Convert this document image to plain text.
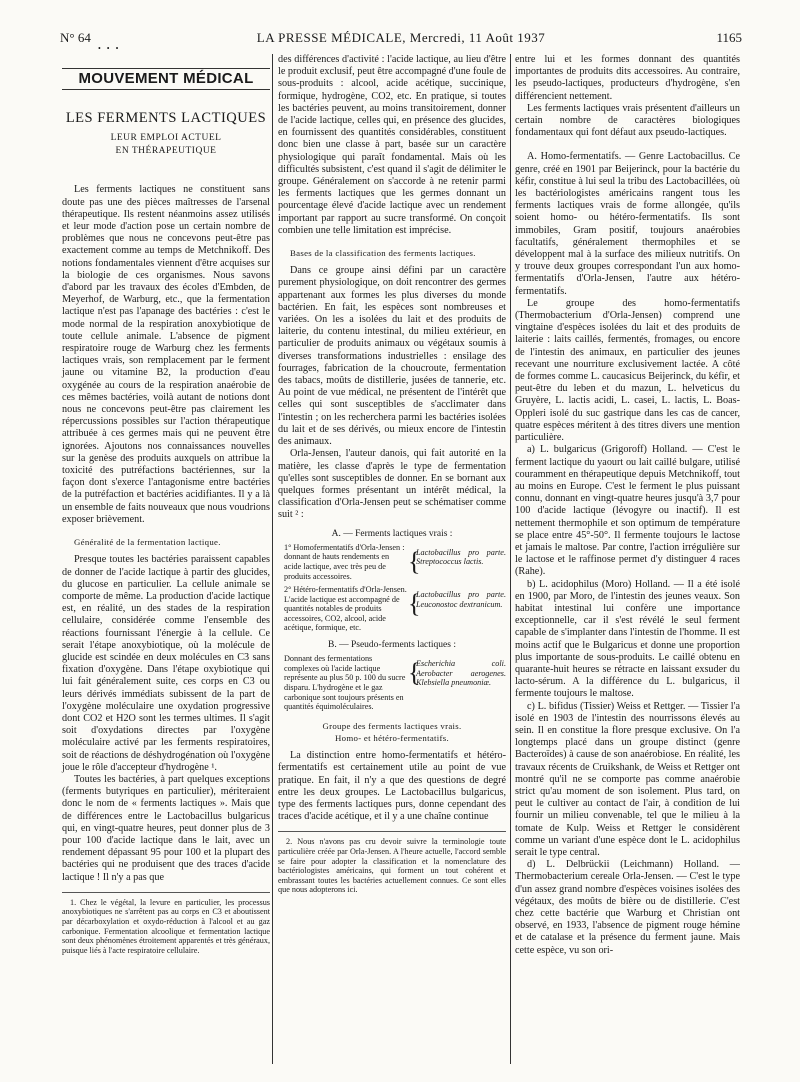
N° 64	LA PRESSE MÉDICALE, Mercredi, 11 Août 1937	1165
• • •
MOUVEMENT MÉDICAL
LES FERMENTS LACTIQUES
LEUR EMPLOI ACTUEL
EN THÉRAPEUTIQUE

Les ferments lactiques ne constituent sans doute pas une des pièces maîtresses de l'arsenal thérapeutique. Ils restent néanmoins assez utilisés et leur mode d'action pose un certain nombre de problèmes que nous ne concevons peut-être pas exactement comme au temps de Metchnikoff. Des notions fondamentales viennent d'être acquises sur la biologie de ces organismes. Nous savons d'abord par les travaux des écoles d'Embden, de Meyerhof, de Warburg, etc., que la fermentation lactique n'est pas l'apanage des bactéries : c'est le mode normal de la respiration anoxybiotique de toute cellule animale. L'absence de pigment respiratoire rouge de Warburg chez les ferments lactiques vrais, son remplacement par le ferment jaune ou vitamine B2, la production d'eau oxygénée au cours de la respiration anaérobie de ces mêmes bactéries, voilà autant de notions dont nous ne concevons peut-être pas clairement les répercussions possibles sur l'action thérapeutique attribuée à ces germes mais qui ne peuvent être ignorées. Ajoutons nos connaissances nouvelles sur la genèse des produits auxquels on attribue la toxicité des putréfactions bactériennes, sur la façon dont s'exerce l'antagonisme entre bactéries de la putréfaction et bactéries acidifiantes. Il y a là un ensemble de faits nouveaux que nous voudrions exposer brièvement.

Généralité de la fermentation lactique.

Presque toutes les bactéries paraissent capables de donner de l'acide lactique à partir des glucides, du glucose en particulier. La cellule animale se comporte de même. La production d'acide lactique est, en réalité, un des stades de la respiration cellulaire, considérée comme l'ensemble des réactions fournissant l'énergie à la cellule. Ce serait l'étape anoxybiotique, où la molécule de glucide est scindée en deux molécules en C3 sans fixation d'oxygène. Dans l'étape oxybiotique qui lui fait généralement suite, ces corps en C3 ou leurs dérivés immédiats subissent de la part de l'oxygène moléculaire une oxydation progressive dont CO2 et H2O sont les termes ultimes. Il s'agit soit d'oxydations directes par l'oxygène moléculaire activé par les ferments respiratoires, soit de réactions de déshydrogénation où l'oxygène joue le rôle d'accepteur d'hydrogène ¹.

Toutes les bactéries, à part quelques exceptions (ferments butyriques en particulier), mériteraient donc le nom de « ferments lactiques ». Mais que de différences entre le Lactobacillus bulgaricus qui, en vingt-quatre heures, peut donner plus de 3 pour 100 d'acide lactique dans le lait, avec un rendement dépassant 95 pour 100 et la plupart des bactéries qui ne produisent que des traces d'acide lactique ! Il n'y a pas que

1. Chez le végétal, la levure en particulier, les processus anoxybiotiques ne s'arrêtent pas au corps en C3 et aboutissent par décarboxylation et oxydo-réduction à l'alcool et au gaz carbonique. Fermentation alcoolique et fermentation lactique sont deux phénomènes étroitement apparentés et très généraux, puisque liés à l'acte respiratoire cellulaire.

des différences d'activité : l'acide lactique, au lieu d'être le produit exclusif, peut être accompagné d'une foule de sous-produits : alcool, acide acétique, succinique, formique, hydrogène, CO2, etc. En pratique, si toutes les bactéries peuvent, au moins transitoirement, donner de l'acide lactique, celles qui, en présence des glucides, en fournissent des quantités considérables, constituent donc bien une classe à part, basée sur un caractère physiologique qui paraît fondamental. Mais où les difficultés subsistent, c'est quand il s'agit de délimiter le groupe. Généralement on s'accorde à ne retenir parmi les ferments lactiques que les germes donnant un pourcentage élevé d'acide lactique avec un rendement important par rapport au sucre transformé. On conçoit combien une telle limitation est imprécise.

Bases de la classification des ferments lactiques.

Dans ce groupe ainsi défini par un caractère purement physiologique, on doit rencontrer des germes appartenant aux formes les plus diverses du monde bactérien. En fait, les espèces sont nombreuses et variées. On les a isolées du lait et des produits de laiterie, du contenu intestinal, du milieu extérieur, en particulier de produits animaux ou végétaux soumis à diverses transformations industrielles : ensilage des fourrages, fabrication de la choucroute, fermentation des tabacs, moûts de distillerie, jusées de tannerie, etc. Au point de vue médical, ne présentent de l'intérêt que celles qui sont susceptibles de s'acclimater dans l'intestin ; on les recherchera parmi les bactéries isolées du lait et de ses dérivés, ou mieux encore de l'intestin des animaux.

Orla-Jensen, l'auteur danois, qui fait autorité en la matière, les classe d'après le type de fermentation qu'elles sont susceptibles de donner. En se bornant aux quelques formes présentant un intérêt médical, la classification d'Orla-Jensen peut se schématiser comme suit ² :

A. — Ferments lactiques vrais :
1° Homofermentatifs d'Orla-Jensen : donnant de hauts rendements en acide lactique, avec très peu de produits accessoires.
{
Lactobacillus pro parte. Streptococcus lactis.
2° Hétéro-fermentatifs d'Orla-Jensen. L'acide lactique est accompagné de quantités notables de produits accessoires, CO2, alcool, acide acétique, formique, etc.
{
Lactobacillus pro parte. Leuconostoc dextranicum.
B. — Pseudo-ferments lactiques :
Donnant des fermentations complexes où l'acide lactique représente au plus 50 p. 100 du sucre disparu. L'hydrogène et le gaz carbonique sont toujours présents en quantités équimoléculaires.
{
Escherichia coli. Aerobacter aerogenes. Klebsiella pneumoniæ.
Groupe des ferments lactiques vrais.
Homo- et hétéro-fermentatifs.

La distinction entre homo-fermentatifs et hétéro-fermentatifs est certainement utile au point de vue pratique. En fait, il n'y a que des questions de degré entre les deux groupes. Le Lactobacillus bulgaricus, type des ferments lactiques purs, donne cependant des traces d'acide acétique, et il y a une chaîne continue

2. Nous n'avons pas cru devoir suivre la terminologie toute particulière créée par Orla-Jensen. A l'heure actuelle, l'accord semble se faire pour adopter la classification et la nomenclature des bactériologistes américains, qui forment un tout cohérent et embrassant toutes les bactéries actuellement connues. Ce sont elles que nous adopterons ici.

entre lui et les formes donnant des quantités importantes de produits dits accessoires. Au contraire, les pseudo-lactiques, producteurs d'hydrogène, s'en différencient nettement.

Les ferments lactiques vrais présentent d'ailleurs un certain nombre de caractères biologiques fondamentaux qui font défaut aux pseudo-lactiques.

A. Homo-fermentatifs. — Genre Lactobacillus. Ce genre, créé en 1901 par Beijerinck, pour la bactérie du kéfir, constitue à lui seul la tribu des Lactobacillées, où les bactériologistes américains rangent tous les ferments lactiques vrais de forme allongée, qu'ils soient homo- ou hétéro-fermentatifs. Ils sont immobiles, Gram positif, toujours anaérobies facultatifs, généralement thermophiles et se développent mal à la surface des milieux nutritifs. On y trouve deux groupes correspondant l'un aux homo-fermentatifs d'Orla-Jensen, l'autre aux hétéro-fermentatifs.

Le groupe des homo-fermentatifs (Thermobacterium d'Orla-Jensen) comprend une vingtaine d'espèces isolées du lait et des produits de laiterie : laits caillés, fermentés, fromages, ou encore de l'intestin des animaux, en particulier des jeunes recevant une nourriture exclusivement lactée. A côté de formes comme L. caucasicus Beijerinck, du kéfir, et peut-être du leben et du mazun, L. helveticus du Gruyère, L. lactis acidi, L. casei, L. lactis, L. Boas-Oppleri isolé du suc gastrique dans les cas de cancer, quatre espèces méritent à des titres divers une mention particulière.

a) L. bulgaricus (Grigoroff) Holland. — C'est le ferment lactique du yaourt ou lait caillé bulgare, utilisé couramment en thérapeutique depuis Metchnikoff, tout au moins en Europe. C'est le ferment le plus puissant connu, donnant en vingt-quatre heures jusqu'à 3,7 pour 100 d'acide lactique (lévogyre ou inactif). Il est nettement thermophile et son optimum de température se place entre 45°-50°. Il fermente toujours le lactose et jamais le maltose. Par contre, l'action irrégulière sur le lactose et le raffinose permet d'y distinguer 4 races (Rahe).

b) L. acidophilus (Moro) Holland. — Il a été isolé en 1900, par Moro, de l'intestin des jeunes veaux. Son habitat intestinal lui confère une importance exceptionnelle, car il s'est révélé le seul ferment capable de s'implanter dans l'intestin de l'homme. Il est moins actif que le Bulgaricus et donne une proportion plus importante de sous-produits. Le caillé obtenu en quarante-huit heures se rétracte en laissant exsuder du lacto-sérum. A la différence du L. bulgaricus, il fermente toujours le maltose.

c) L. bifidus (Tissier) Weiss et Rettger. — Tissier l'a isolé en 1903 de l'intestin des nourrissons élevés au sein. Il en constitue la flore presque exclusive. On l'a longtemps placé dans un groupe distinct (genre Bacteroïdes) à cause de son anaérobiose. En réalité, les travaux récents de Cruikshank, de Weiss et Rettger ont montré qu'il ne se comporte pas comme anaérobie strict qu'au moment de son isolement. Plus tard, on peut le cultiver au contact de l'air, à condition de lui fournir un milieu convenable, tel que le milieu à la tomate de Kulp. Weiss et Rettger le considèrent comme un variant d'une espèce dont le L. acidophilus serait le type central.

d) L. Delbrückii (Leichmann) Holland. — Thermobacterium cereale Orla-Jensen. — C'est le type d'un assez grand nombre d'espèces voisines isolées des végétaux, des moûts de bière ou de distillerie. C'est chez cette bactérie que Warburg et Christian ont observé, en 1933, l'absence de pigment rouge hémine et de catalase et la présence du ferment jaune. Mais cette espèce, vu son ori-
